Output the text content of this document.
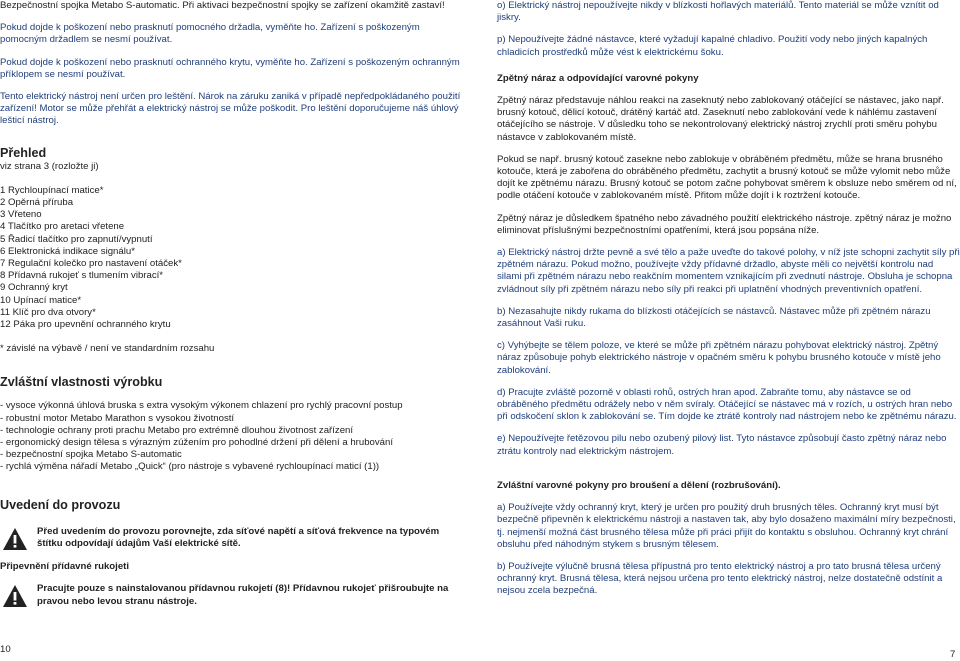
Bezpečnostní spojka Metabo S-automatic. Při aktivaci bezpečnostní spojky se zařízení okamžitě zastaví!

Pokud dojde k poškození nebo prasknutí pomocného držadla, vyměňte ho. Zařízení s poškozeným pomocným držadlem se nesmí používat.

Pokud dojde k poškození nebo prasknutí ochranného krytu, vyměňte ho. Zařízení s poškozeným ochranným příklopem se nesmí používat.

Tento elektrický nástroj není určen pro leštění. Nárok na záruku zaniká v případě nepředpokládaného použití zařízení! Motor se může přehřát a elektrický nástroj se může poškodit. Pro leštění doporučujeme náš úhlový lešticí nástroj.

Přehled

viz strana 3 (rozložte ji)

1 Rychloupínací matice*
2 Opěrná příruba
3 Vřeteno
4 Tlačítko pro aretaci vřetene
5 Řadicí tlačítko pro zapnutí/vypnutí
6 Elektronická indikace signálu*
7 Regulační kolečko pro nastavení otáček*
8 Přídavná rukojeť s tlumením vibrací*
9 Ochranný kryt
10 Upínací matice*
11 Klíč pro dva otvory*
12 Páka pro upevnění ochranného krytu

* závislé na výbavě / není ve standardním rozsahu

Zvláštní vlastnosti výrobku
- vysoce výkonná úhlová bruska s extra vysokým výkonem chlazení pro rychlý pracovní postup
- robustní motor Metabo Marathon s vysokou životností
- technologie ochrany proti prachu Metabo pro extrémně dlouhou životnost zařízení
- ergonomický design tělesa s výrazným zúžením pro pohodlné držení při dělení a hrubování
- bezpečnostní spojka Metabo S-automatic
- rychlá výměna nářadí Metabo „Quick“ (pro nástroje s vybavené rychloupínací maticí (1))
Uvedení do provozu

Před uvedením do provozu porovnejte, zda síťové napětí a síťová frekvence na typovém štítku odpovídají údajům Vaší elektrické sítě.

Připevnění přídavné rukojeti

Pracujte pouze s nainstalovanou přídavnou rukojetí (8)! Přídavnou rukojeť přišroubujte na pravou nebo levou stranu nástroje.

10

o) Elektrický nástroj nepoužívejte nikdy v blízkosti hořlavých materiálů. Tento materiál se může vznítit od jiskry.

p) Nepoužívejte žádné nástavce, které vyžadují kapalné chladivo. Použití vody nebo jiných kapalných chladicích prostředků může vést k elektrickému šoku.

Zpětný náraz a odpovídající varovné pokyny

Zpětný náraz představuje náhlou reakci na zaseknutý nebo zablokovaný otáčející se nástavec, jako např. brusný kotouč, dělicí kotouč, drátěný kartáč atd. Zaseknutí nebo zablokování vede k náhlému zastavení otáčejícího se nástroje. V důsledku toho se nekontrolovaný elektrický nástroj zrychlí proti směru pohybu nástavce v zablokovaném místě.

Pokud se např. brusný kotouč zasekne nebo zablokuje v obráběném předmětu, může se hrana brusného kotouče, která je zabořena do obráběného předmětu, zachytit a brusný kotouč se může vylomit nebo může dojít ke zpětnému nárazu. Brusný kotouč se potom začne pohybovat směrem k obsluze nebo směrem od ní, podle otáčení kotouče v zablokovaném místě. Přitom může dojít i k roztržení kotouče.

Zpětný náraz je důsledkem špatného nebo závadného použití elektrického nástroje. zpětný náraz je možno eliminovat příslušnými bezpečnostními opatřeními, která jsou popsána níže.

a) Elektrický nástroj držte pevně a své tělo a paže uveďte do takové polohy, v níž jste schopni zachytit síly při zpětném nárazu. Pokud možno, používejte vždy přídavné držadlo, abyste měli co největší kontrolu nad silami při zpětném nárazu nebo reakčním momentem vznikajícím při zvednutí nástroje. Obsluha je schopna zvládnout síly při zpětném nárazu nebo síly při reakci při uplatnění vhodných preventivních opatření.

b) Nezasahujte nikdy rukama do blízkosti otáčejících se nástavců. Nástavec může při zpětném nárazu zasáhnout Vaši ruku.

c) Vyhýbejte se tělem poloze, ve které se může při zpětném nárazu pohybovat elektrický nástroj. Zpětný náraz způsobuje pohyb elektrického nástroje v opačném směru k pohybu brusného kotouče v místě jeho zablokování.

d) Pracujte zvláště pozorně v oblasti rohů, ostrých hran apod. Zabraňte tomu, aby nástavce se od obráběného předmětu odrážely nebo v něm svíraly. Otáčející se nástavec má v rozích, u ostrých hran nebo při odskočení sklon k zablokování se. Tím dojde ke ztrátě kontroly nad nástrojem nebo ke zpětnému nárazu.

e) Nepoužívejte řetězovou pilu nebo ozubený pilový list. Tyto nástavce způsobují často zpětný náraz nebo ztrátu kontroly nad elektrickým nástrojem.

Zvláštní varovné pokyny pro broušení a dělení (rozbrušování).

a) Používejte vždy ochranný kryt, který je určen pro použitý druh brusných těles. Ochranný kryt musí být bezpečně připevněn k elektrickému nástroji a nastaven tak, aby bylo dosaženo maximální míry bezpečnosti, tj. nejmenší možná část brusného tělesa může při práci přijít do kontaktu s obsluhou. Ochranný kryt chrání obsluhu před náhodným stykem s brusným tělesem.

b) Používejte výlučně brusná tělesa přípustná pro tento elektrický nástroj a pro tato brusná tělesa určený ochranný kryt. Brusná tělesa, která nejsou určena pro tento elektrický nástroj, nelze dostatečně odstínit a nejsou zcela bezpečná.

7
